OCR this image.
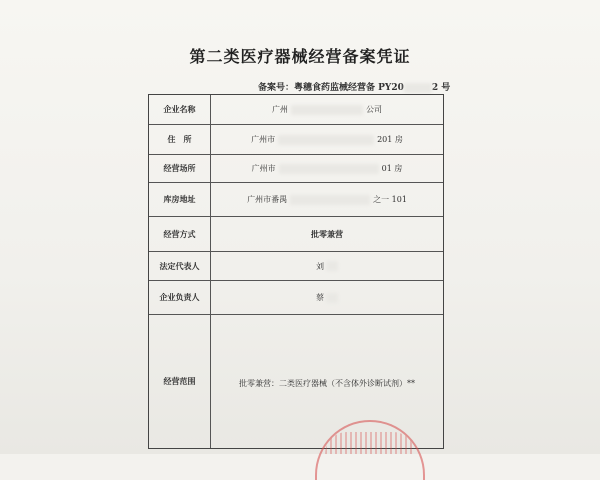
第二类医疗器械经营备案凭证
备案号：粤穗食药监械经营备 PY20	2 号
企业名称	广州	公司
住　所	广州市	201 房
经营场所	广州市	01 房
库房地址	广州市番禺	之一 101
经营方式	批零兼营
法定代表人	刘
企业负责人	蔡
经营范围	批零兼营：二类医疗器械（不含体外诊断试剂）**
